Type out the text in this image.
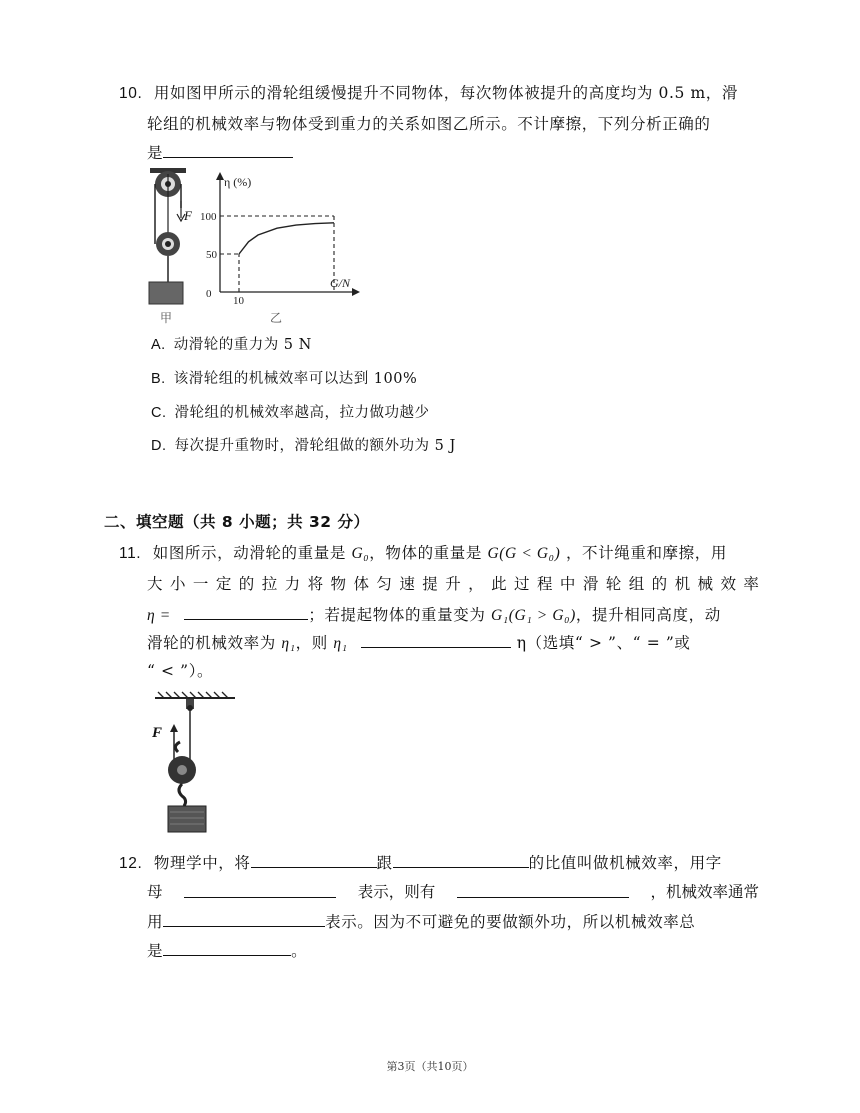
10. 用如图甲所示的滑轮组缓慢提升不同物体，每次物体被提升的高度均为 0.5 m，滑
轮组的机械效率与物体受到重力的关系如图乙所示。不计摩擦，下列分析正确的
是
F
甲
100
50
10
η (%)
G/N
0
乙
A. 动滑轮的重力为 5 N
B. 该滑轮组的机械效率可以达到 100%
C. 滑轮组的机械效率越高，拉力做功越少
D. 每次提升重物时，滑轮组做的额外功为 5 J
二、填空题（共 8 小题；共 32 分）
11. 如图所示，动滑轮的重量是 G₀，物体的重量是 G(G < G₀) ，不计绳重和摩擦，用
大 小 一 定 的 拉 力 将 物 体 匀 速 提 升 ， 此 过 程 中 滑 轮 组 的 机 械 效 率
η =	；若提起物体的重量变为 G₁(G₁ > G₀)，提升相同高度，动
滑轮的机械效率为 η₁，则 η₁	η（选填“ > ”、“ = ”或
“ < ”）。
F
12. 物理学中，将	跟	的比值叫做机械效率，用字
母	表示，则有	，机械效率通常
用	表示。因为不可避免的要做额外功，所以机械效率总
是	。
第3页（共10页）
